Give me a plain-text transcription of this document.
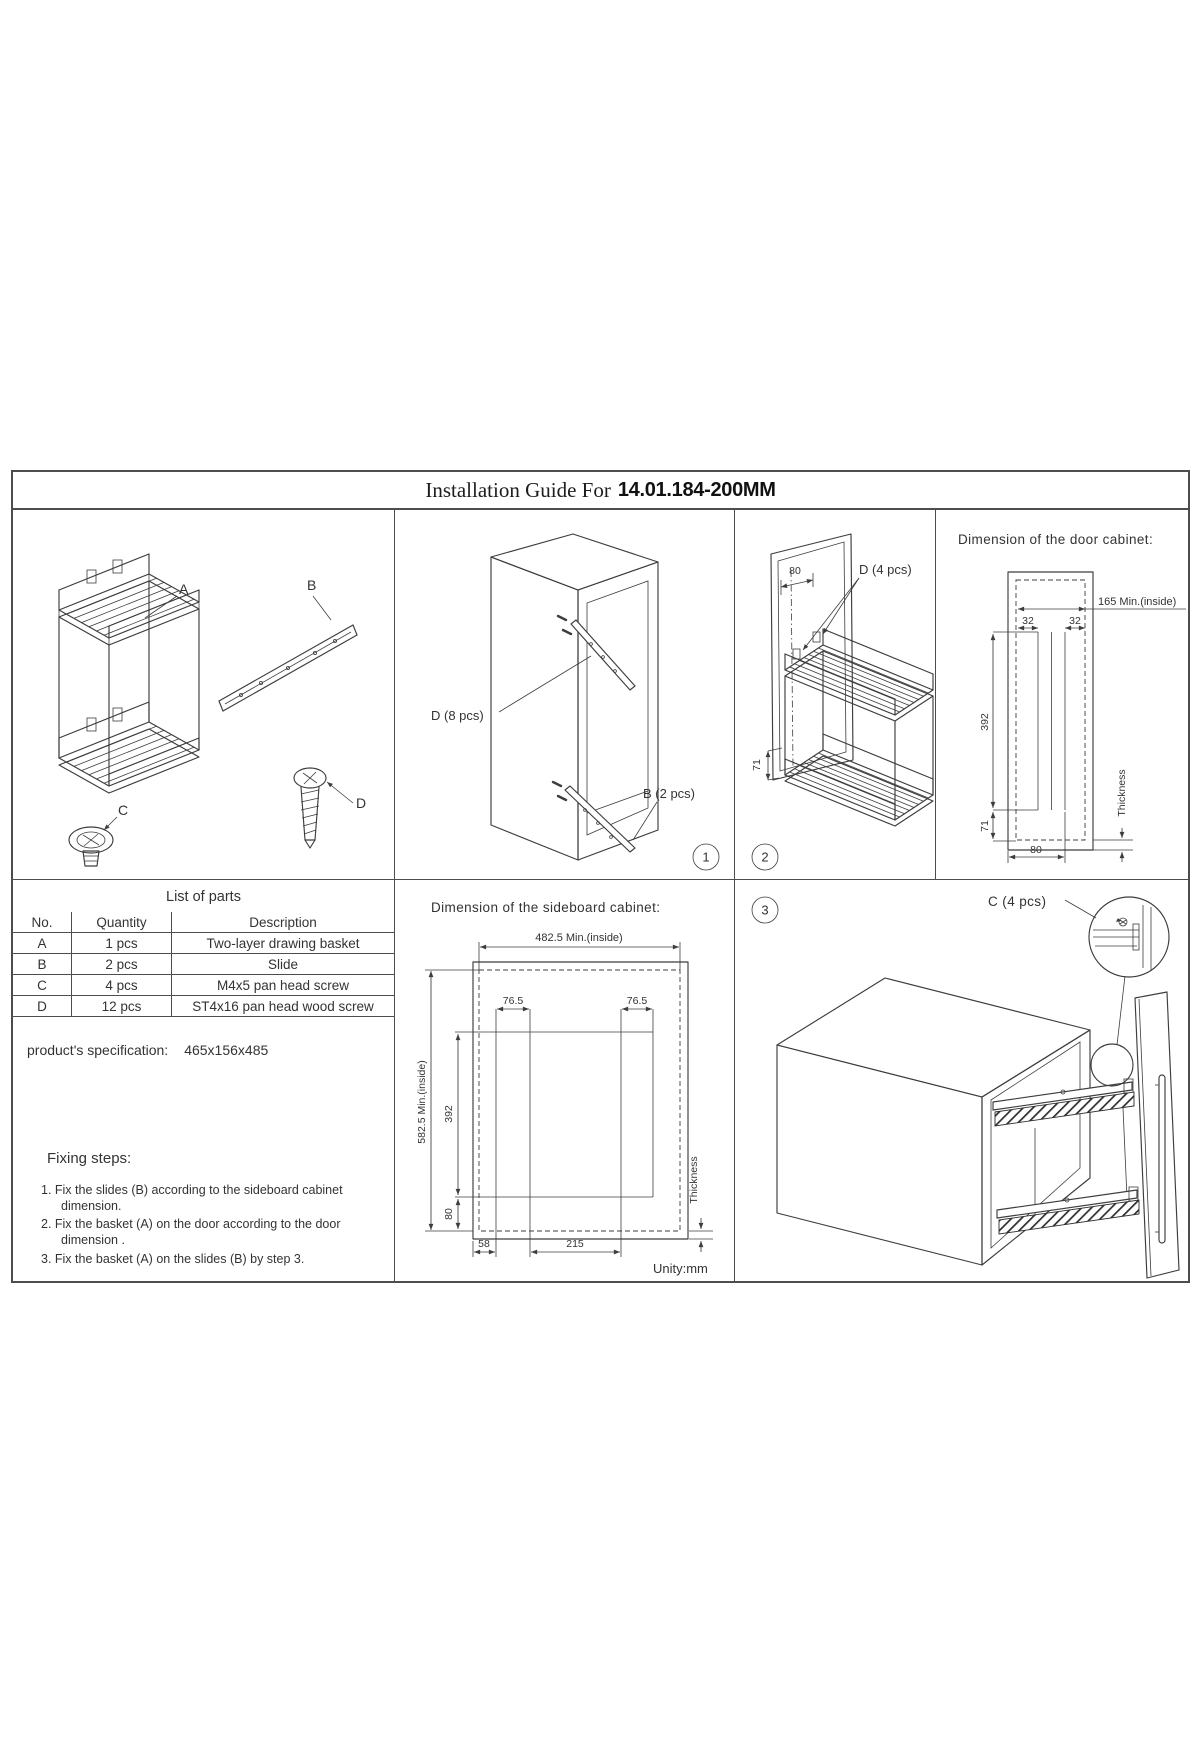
Installation Guide For 14.01.184-200MM
A	B
C	D
D (8 pcs)
B (2 pcs)
1
80	D (4 pcs)
71
2
Dimension of the door cabinet:
165 Min.(inside)
32	32
392
71
80
Thickness
List of parts
No.	Quantity	Description
A	1 pcs	Two-layer drawing basket
B	2 pcs	Slide
C	4 pcs	M4x5 pan head screw
D	12 pcs	ST4x16 pan head wood screw
product's specification: 465x156x485
Fixing steps:
1. Fix the slides (B) according to the sideboard cabinet dimension.
2. Fix the basket (A) on the door according to the door dimension .
3. Fix the basket (A) on the slides (B) by step 3.
Dimension of the sideboard cabinet:
482.5 Min.(inside)
76.5	76.5
582.5 Min.(inside) 392
80
58	215
Thickness
Unity:mm
3
C (4 pcs)
